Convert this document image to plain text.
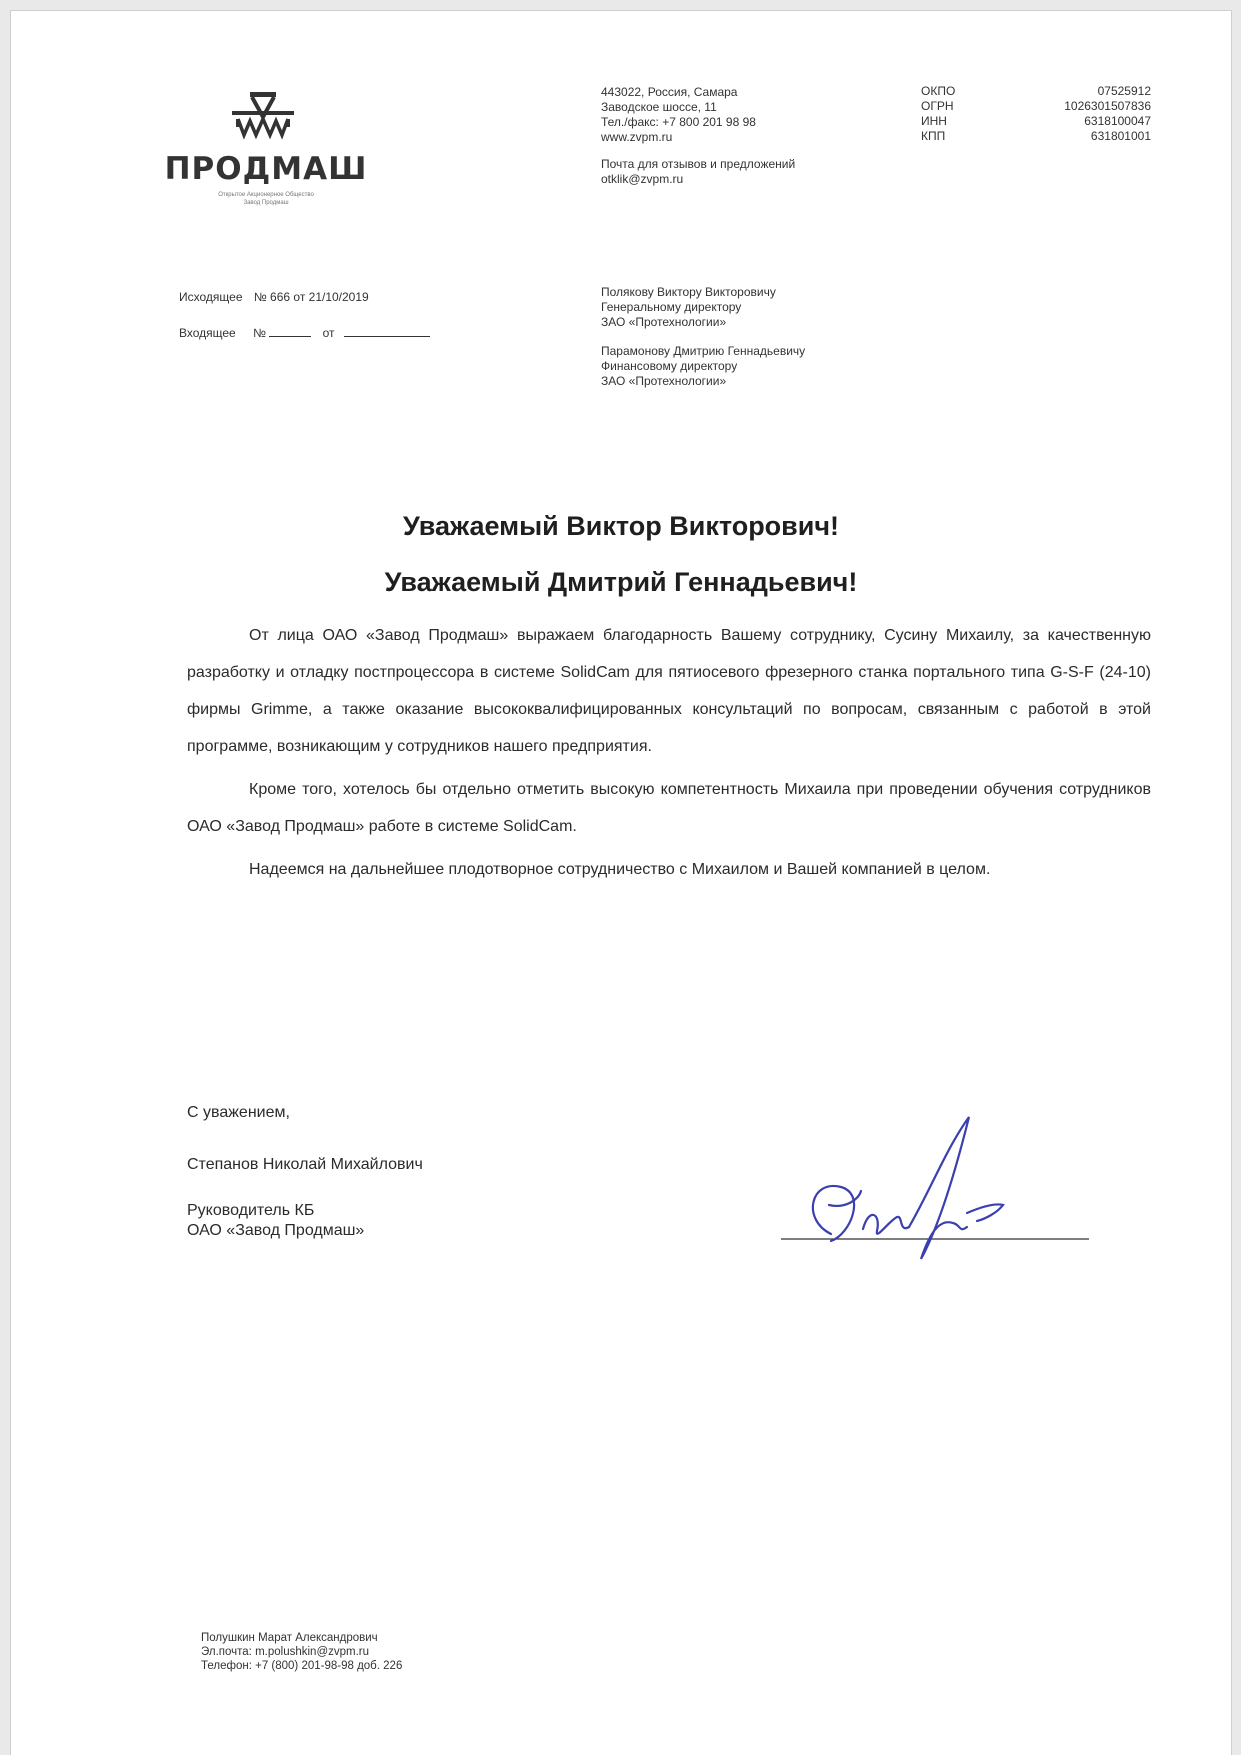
ПРОДМАШ
Открытое Акционерное Общество
Завод Продмаш
443022, Россия, Самара
Заводское шоссе, 11
Тел./факс: +7 800 201 98 98
www.zvpm.ru
Почта для отзывов и предложений
otklik@zvpm.ru
ОКПО	07525912
ОГРН	1026301507836
ИНН	6318100047
КПП	631801001
Исходящее № 666 от 21/10/2019
Входящее №	от
Полякову Виктору Викторовичу
Генеральному директору
ЗАО «Протехнологии»
Парамонову Дмитрию Геннадьевичу
Финансовому директору
ЗАО «Протехнологии»
Уважаемый Виктор Викторович!
Уважаемый Дмитрий Геннадьевич!

От лица ОАО «Завод Продмаш» выражаем благодарность Вашему сотруднику, Сусину Михаилу, за качественную разработку и отладку постпроцессора в системе SolidCam для пятиосевого фрезерного станка портального типа G-S-F (24-10) фирмы Grimme, а также оказание высококвалифицированных консультаций по вопросам, связанным с работой в этой программе, возникающим у сотрудников нашего предприятия.

Кроме того, хотелось бы отдельно отметить высокую компетентность Михаила при проведении обучения сотрудников ОАО «Завод Продмаш» работе в системе SolidCam.

Надеемся на дальнейшее плодотворное сотрудничество с Михаилом и Вашей компанией в целом.

С уважением,
Степанов Николай Михайлович
Руководитель КБ
ОАО «Завод Продмаш»
Полушкин Марат Александрович
Эл.почта: m.polushkin@zvpm.ru
Телефон: +7 (800) 201-98-98 доб. 226
